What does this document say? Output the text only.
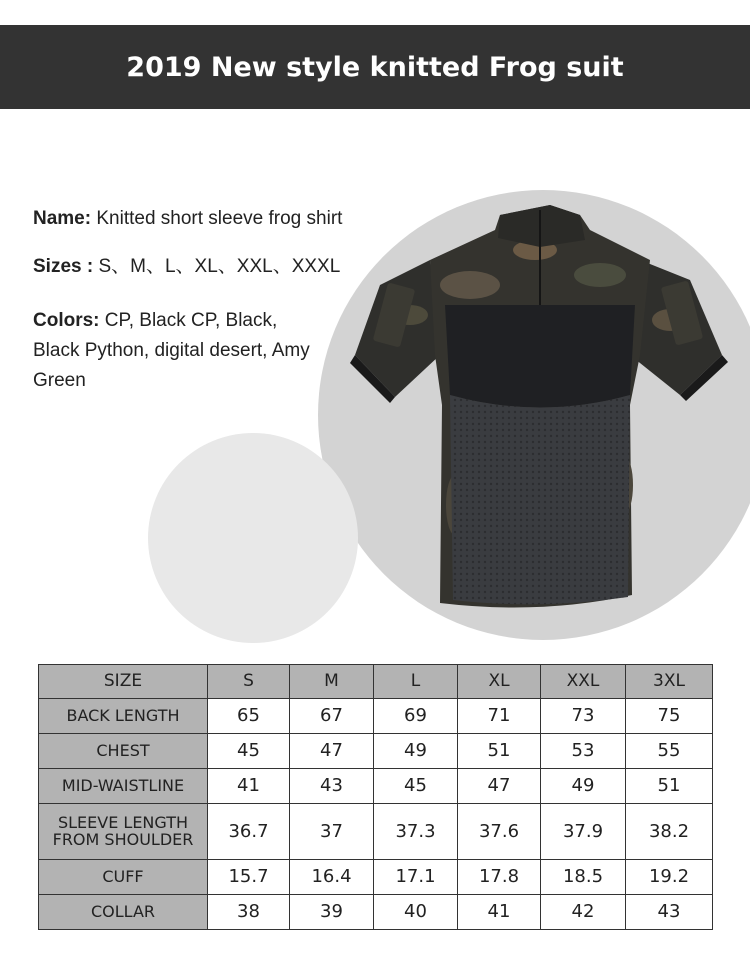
2019 New style knitted Frog suit
Name: Knitted short sleeve frog shirt
Sizes : S、M、L、XL、XXL、XXXL
Colors: CP, Black CP, Black, Black Python, digital desert, Amy Green
SIZE	S	M	L	XL	XXL	3XL
BACK LENGTH	65	67	69	71	73	75
CHEST	45	47	49	51	53	55
MID-WAISTLINE	41	43	45	47	49	51
SLEEVE LENGTH FROM SHOULDER	36.7	37	37.3	37.6	37.9	38.2
CUFF	15.7	16.4	17.1	17.8	18.5	19.2
COLLAR	38	39	40	41	42	43
